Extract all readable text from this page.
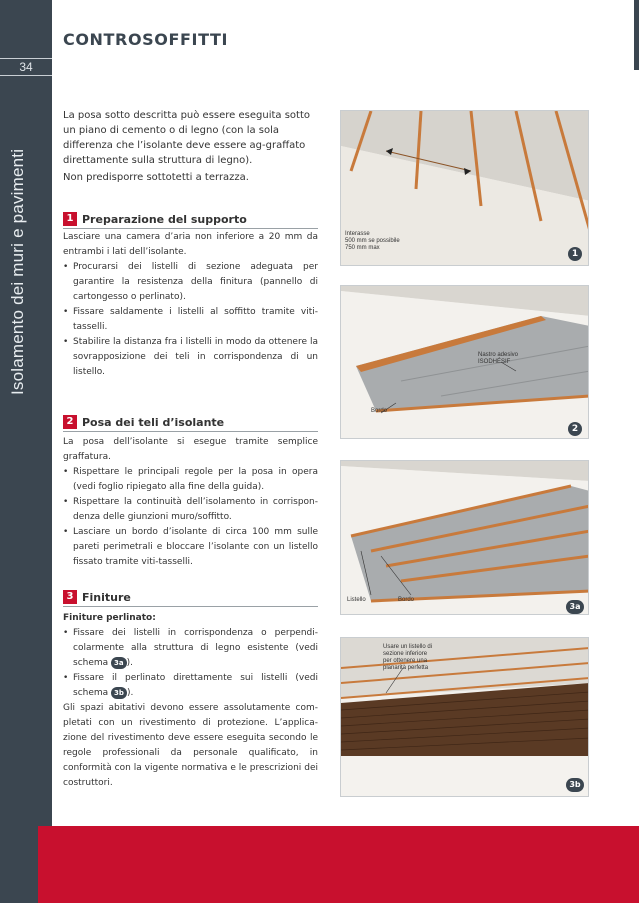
34
Isolamento dei muri e pavimenti
CONTROSOFFITTI

La posa sotto descritta può essere eseguita sotto un piano di cemento o di legno (con la sola differenza che l’isolante deve essere ag-graffato direttamente sulla struttura di legno).

Non predisporre sottotetti a terrazza.

1 Preparazione del supporto

Lasciare una camera d’aria non inferiore a 20 mm da entrambi i lati dell’isolante.

• Procurarsi dei listelli di sezione adeguata per garantire la resistenza della finitura (pannello di cartongesso o perlinato).
• Fissare saldamente i listelli al soffitto tramite viti-tasselli.
• Stabilire la distanza fra i listelli in modo da ottenere la sovrapposizione dei teli in corrispondenza di un listello.
2 Posa dei teli d’isolante

La posa dell’isolante si esegue tramite semplice graffatura.

• Rispettare le principali regole per la posa in opera (vedi foglio ripiegato alla fine della guida).
• Rispettare la continuità dell’isolamento in corrispon-denza delle giunzioni muro/soffitto.
• Lasciare un bordo d’isolante di circa 100 mm sulle pareti perimetrali e bloccare l’isolante con un listello fissato tramite viti-tasselli.
3 Finiture

Finiture perlinato:

• Fissare dei listelli in corrispondenza o perpendi-colarmente alla struttura di legno esistente (vedi schema 3a ).
• Fissare il perlinato direttamente sui listelli (vedi schema 3b ).

Gli spazi abitativi devono essere assolutamente com-pletati con un rivestimento di protezione. L’applica-zione del rivestimento deve essere eseguita secondo le regole professionali da personale qualificato, in conformità con la vigente normativa e le prescrizioni dei costruttori.

Interasse
500 mm se possibile
750 mm max
1
Nastro adesivo
ISODHÉSIF
Bordo
2
Listello	Bordo
3a
Usare un listello di
sezione inferiore
per ottenere una
planarità perfetta
3b
